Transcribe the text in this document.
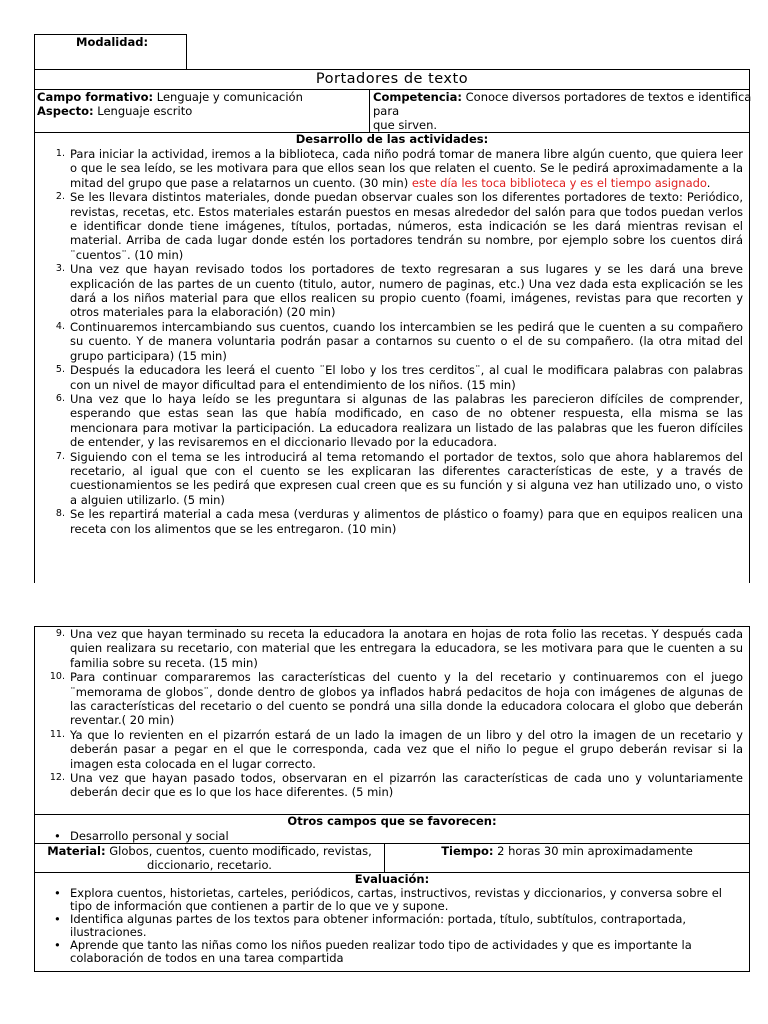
Modalidad:
Portadores de texto
Campo formativo: Lenguaje y comunicación
Aspecto: Lenguaje escrito
Competencia: Conoce diversos portadores de textos e identifica para
que sirven.
Desarrollo de las actividades:
1. Para iniciar la actividad, iremos a la biblioteca, cada niño podrá tomar de manera libre algún cuento, que quiera leer o que le sea leído, se les motivara para que ellos sean los que relaten el cuento. Se le pedirá aproximadamente a la mitad del grupo que pase a relatarnos un cuento. (30 min) este día les toca biblioteca y es el tiempo asignado.
2. Se les llevara distintos materiales, donde puedan observar cuales son los diferentes portadores de texto: Periódico, revistas, recetas, etc. Estos materiales estarán puestos en mesas alrededor del salón para que todos puedan verlos e identificar donde tiene imágenes, títulos, portadas, números, esta indicación se les dará mientras revisan el material. Arriba de cada lugar donde estén los portadores tendrán su nombre, por ejemplo sobre los cuentos dirá ¨cuentos¨. (10 min)
3. Una vez que hayan revisado todos los portadores de texto regresaran a sus lugares y se les dará una breve explicación de las partes de un cuento (titulo, autor, numero de paginas, etc.) Una vez dada esta explicación se les dará a los niños material para que ellos realicen su propio cuento (foami, imágenes, revistas para que recorten y otros materiales para la elaboración) (20 min)
4. Continuaremos intercambiando sus cuentos, cuando los intercambien se les pedirá que le cuenten a su compañero su cuento. Y de manera voluntaria podrán pasar a contarnos su cuento o el de su compañero. (la otra mitad del grupo participara) (15 min)
5. Después la educadora les leerá el cuento ¨El lobo y los tres cerditos¨, al cual le modificara palabras con palabras con un nivel de mayor dificultad para el entendimiento de los niños. (15 min)
6. Una vez que lo haya leído se les preguntara si algunas de las palabras les parecieron difíciles de comprender, esperando que estas sean las que había modificado, en caso de no obtener respuesta, ella misma se las mencionara para motivar la participación. La educadora realizara un listado de las palabras que les fueron difíciles de entender, y las revisaremos en el diccionario llevado por la educadora.
7. Siguiendo con el tema se les introducirá al tema retomando el portador de textos, solo que ahora hablaremos del recetario, al igual que con el cuento se les explicaran las diferentes características de este, y a través de cuestionamientos se les pedirá que expresen cual creen que es su función y si alguna vez han utilizado uno, o visto a alguien utilizarlo. (5 min)
8. Se les repartirá material a cada mesa (verduras y alimentos de plástico o foamy) para que en equipos realicen una receta con los alimentos que se les entregaron. (10 min)
9. Una vez que hayan terminado su receta la educadora la anotara en hojas de rota folio las recetas. Y después cada quien realizara su recetario, con material que les entregara la educadora, se les motivara para que le cuenten a su familia sobre su receta. (15 min)
10. Para continuar compararemos las características del cuento y la del recetario y continuaremos con el juego ¨memorama de globos¨, donde dentro de globos ya inflados habrá pedacitos de hoja con imágenes de algunas de las características del recetario o del cuento se pondrá una silla donde la educadora colocara el globo que deberán reventar.( 20 min)
11. Ya que lo revienten en el pizarrón estará de un lado la imagen de un libro y del otro la imagen de un recetario y deberán pasar a pegar en el que le corresponda, cada vez que el niño lo pegue el grupo deberán revisar si la imagen esta colocada en el lugar correcto.
12. Una vez que hayan pasado todos, observaran en el pizarrón las características de cada uno y voluntariamente deberán decir que es lo que los hace diferentes. (5 min)
Otros campos que se favorecen:
• Desarrollo personal y social
Material: Globos, cuentos, cuento modificado, revistas,
diccionario, recetario.
Tiempo: 2 horas 30 min aproximadamente
Evaluación:
• Explora cuentos, historietas, carteles, periódicos, cartas, instructivos, revistas y diccionarios, y conversa sobre el tipo de información que contienen a partir de lo que ve y supone.
• Identifica algunas partes de los textos para obtener información: portada, título, subtítulos, contraportada, ilustraciones.
• Aprende que tanto las niñas como los niños pueden realizar todo tipo de actividades y que es importante la colaboración de todos en una tarea compartida
